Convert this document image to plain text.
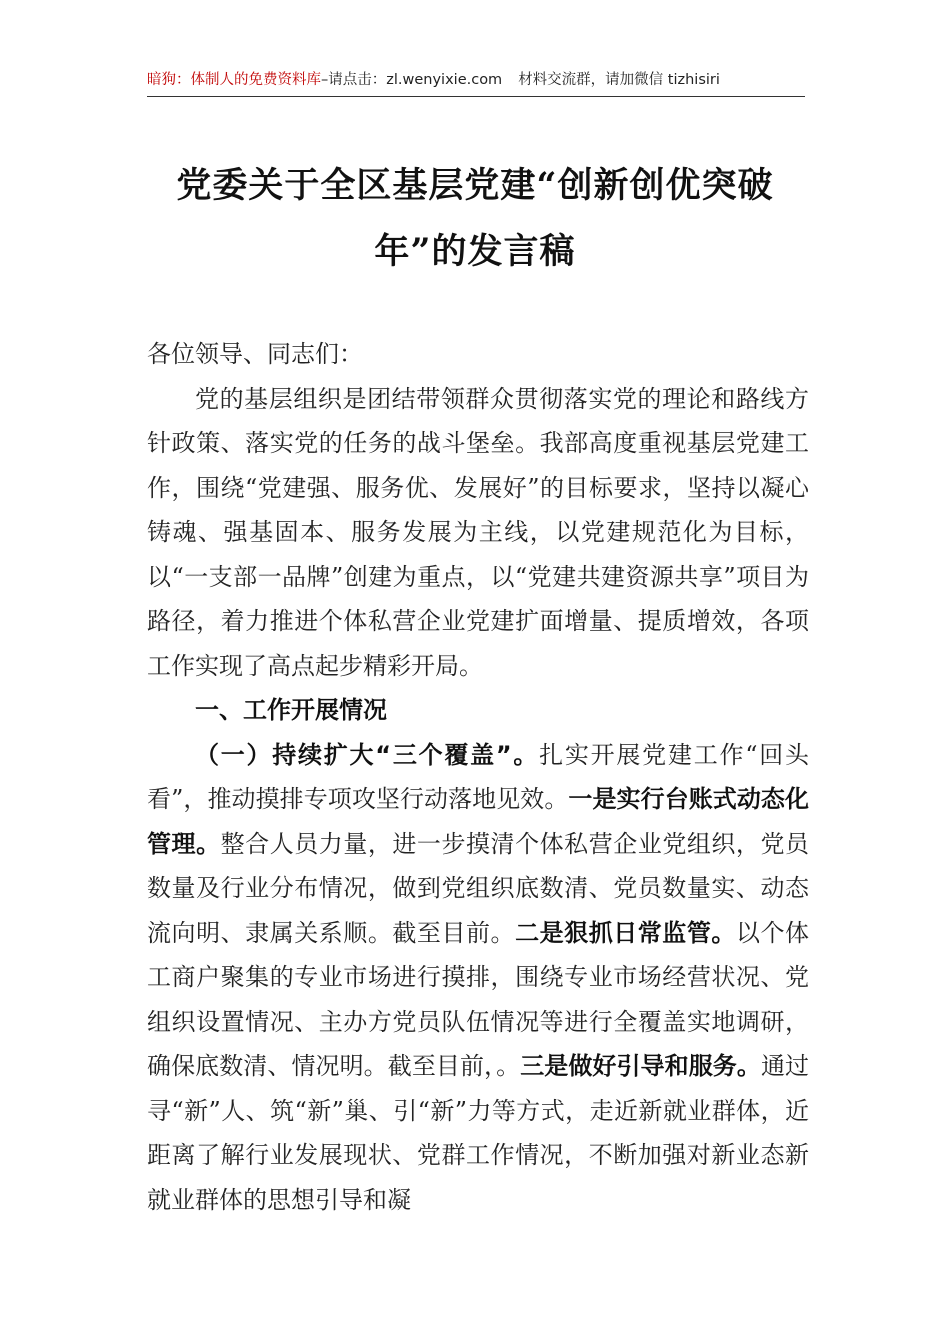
暗狗：体制人的免费资料库–请点击：zl.wenyixie.com 材料交流群，请加微信 tizhisiri
党委关于全区基层党建“创新创优突破
年”的发言稿

各位领导、同志们：

党的基层组织是团结带领群众贯彻落实党的理论和路线方针政策、落实党的任务的战斗堡垒。我部高度重视基层党建工作，围绕“党建强、服务优、发展好”的目标要求，坚持以凝心铸魂、强基固本、服务发展为主线，以党建规范化为目标，以“一支部一品牌”创建为重点，以“党建共建资源共享”项目为路径，着力推进个体私营企业党建扩面增量、提质增效，各项工作实现了高点起步精彩开局。

一、工作开展情况

（一）持续扩大“三个覆盖”。扎实开展党建工作“回头看”，推动摸排专项攻坚行动落地见效。一是实行台账式动态化管理。整合人员力量，进一步摸清个体私营企业党组织，党员数量及行业分布情况，做到党组织底数清、党员数量实、动态流向明、隶属关系顺。截至目前。二是狠抓日常监管。以个体工商户聚集的专业市场进行摸排，围绕专业市场经营状况、党组织设置情况、主办方党员队伍情况等进行全覆盖实地调研，确保底数清、情况明。截至目前，。三是做好引导和服务。通过寻“新”人、筑“新”巢、引“新”力等方式，走近新就业群体，近距离了解行业发展现状、党群工作情况，不断加强对新业态新就业群体的思想引导和凝
